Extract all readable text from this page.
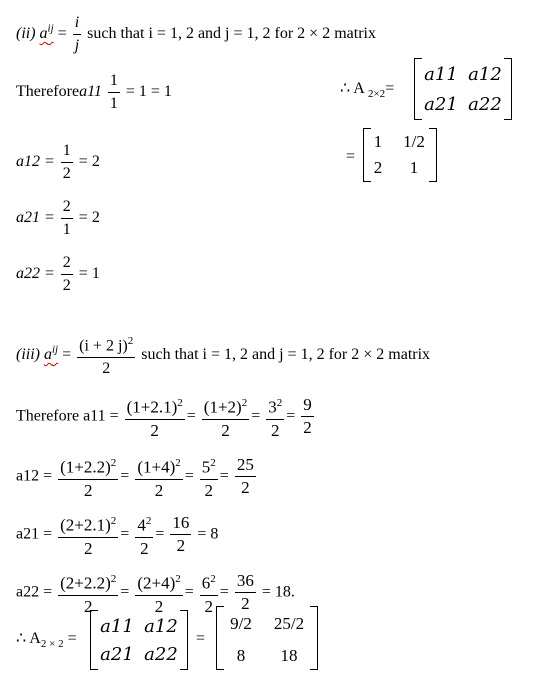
(ii) $a^{ij} = \frac{i}{j}$ such that i = 1, 2 and j = 1, 2 for 2 × 2 matrix
Thereforea11 $\frac{1}{1} = 1 = 1$
$a12 = \frac{1}{2} = 2$
$a21 = \frac{2}{1} = 2$
$a22 = \frac{2}{2} = 1$
∴ A $_{2\times 2}$=
a11 a12
a21 a22
=
1	1/2
2	1
(iii) $a^{ij} = \frac{(i + 2 j)^2}{2}$ such that i = 1, 2 and j = 1, 2 for 2 × 2 matrix
Therefore $a11 = \frac{(1+2.1)^2}{2} = \frac{(1+2)^2}{2} = \frac{3^2}{2} = \frac{9}{2}$
$a12 = \frac{(1+2.2)^2}{2} = \frac{(1+4)^2}{2} = \frac{5^2}{2} = \frac{25}{2}$
$a21 = \frac{(2+2.1)^2}{2} = \frac{4^2}{2} = \frac{16}{2} = 8$
$a22 = \frac{(2+2.2)^2}{2} = \frac{(2+4)^2}{2} = \frac{6^2}{2} = \frac{36}{2} = 18$.
∴ $A_{2 \times 2}$ =
a11 a12
a21 a22
=
9/2	25/2
8	18
